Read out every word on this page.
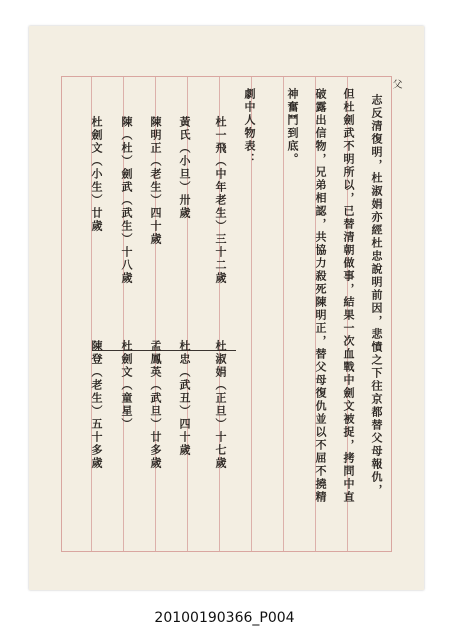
父
志反清復明，杜淑娟亦經杜忠說明前因，悲憤之下往京都替父母報仇，
但杜劍武不明所以，已替清朝做事，結果一次血戰中劍文被捉，拷問中直
破露出信物，兄弟相認，共協力殺死陳明正，替父母復仇並以不屈不撓精
神奮鬥到底。
劇中人物表：
杜一飛（中年老生）三十二歲
黃氏（小旦）卅歲
陳明正（老生）四十歲
陳（杜）劍武（武生）十八歲
杜劍文（小生）廿歲
杜淑娟（正旦）十七歲
杜忠（武丑）四十歲
孟鳳英（武旦）廿多歲
杜劍文（童星）
陳登（老生）五十多歲
20100190366_P004
